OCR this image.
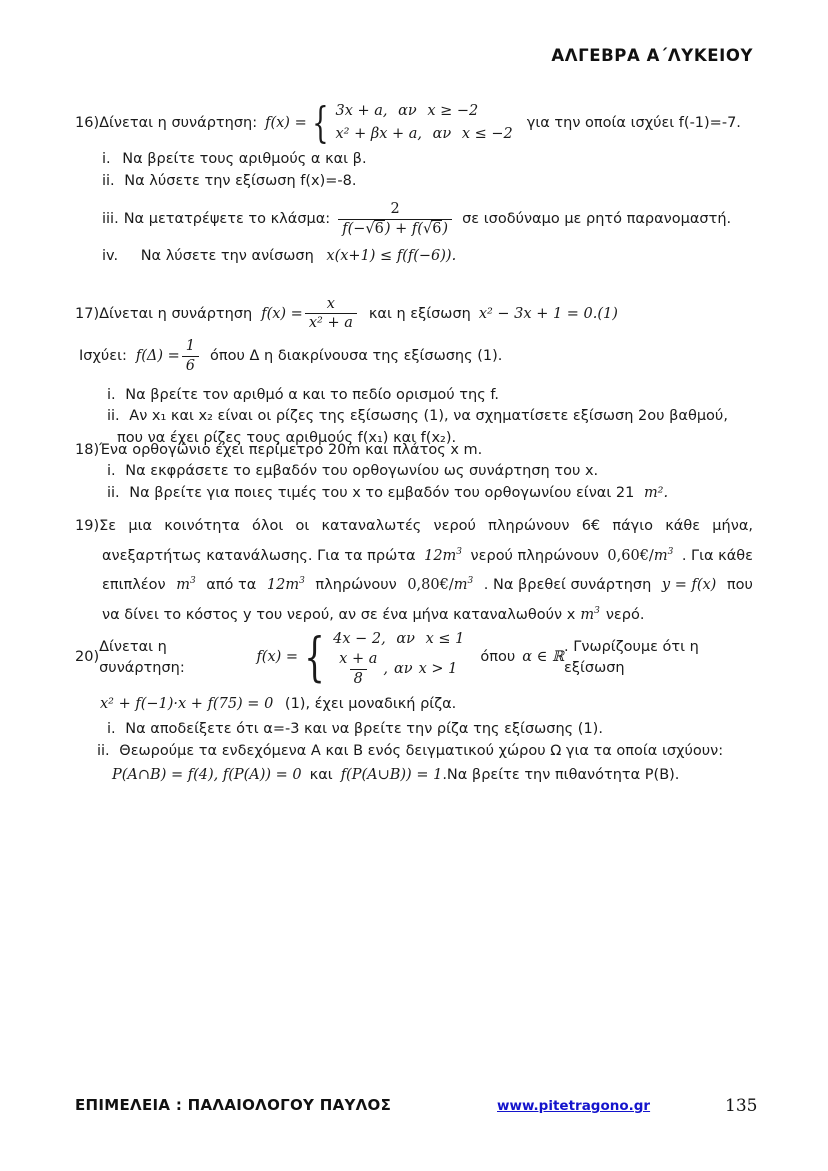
ΑΛΓΕΒΡΑ Α΄ΛΥΚΕΙΟΥ
16) Δίνεται η συνάρτηση: f(x) = { 3x + a, αν x ≥ −2
x² + βx + a, αν x ≤ −2
για την οποία ισχύει f(-1)=-7.
i. Να βρείτε τους αριθμούς α και β.
ii. Να λύσετε την εξίσωση f(x)=-8.
iii. Να μετατρέψετε το κλάσμα: $\frac{2}{f(-√6) + f(√6)}$ σε ισοδύναμο με ρητό παρανομαστή.
iv. Να λύσετε την ανίσωση x(x+1) ≤ f(f(−6)).
17) Δίνεται η συνάρτηση $f(x) = \frac{x}{\text{x² + a}}$ και η εξίσωση x² − 3x + 1 = 0.(1)
Ισχύει: $f(\Delta) = \frac{1}{6}$ όπου Δ η διακρίνουσα της εξίσωσης (1).
i. Να βρείτε τον αριθμό α και το πεδίο ορισμού της f.
ii. Αν x₁ και x₂ είναι οι ρίζες της εξίσωσης (1), να σχηματίσετε εξίσωση 2ου βαθμού,
που να έχει ρίζες τους αριθμούς f(x₁) και f(x₂).
18) Ένα ορθογώνιο έχει περίμετρο 20m και πλάτος x m.
i. Να εκφράσετε το εμβαδόν του ορθογωνίου ως συνάρτηση του x.
ii. Να βρείτε για ποιες τιμές του x το εμβαδόν του ορθογωνίου είναι 21 m².
19) Σε μια κοινότητα όλοι οι καταναλωτές νερού πληρώνουν 6€ πάγιο κάθε μήνα,
ανεξαρτήτως κατανάλωσης. Για τα πρώτα $12m^3$ νερού πληρώνουν $0,60€/m^3$ . Για κάθε
επιπλέον $m^3$ από τα $12m^3$ πληρώνουν $0,80€/m^3$ . Να βρεθεί συνάρτηση y = f(x) που
να δίνει το κόστος y του νερού, αν σε ένα μήνα καταναλωθούν x $m^3$ νερό.
20)
Δίνεται η συνάρτηση:
f(x) = { 4x − 2, αν x ≤ 1
$\frac{x + a}{8}$ , αν x > 1
όπου α ∈ ℝ
. Γνωρίζουμε ότι η εξίσωση
x² + f(−1)·x + f(75) = 0 (1), έχει μοναδική ρίζα.
i. Να αποδείξετε ότι α=-3 και να βρείτε την ρίζα της εξίσωσης (1).
ii. Θεωρούμε τα ενδεχόμενα Α και Β ενός δειγματικού χώρου Ω για τα οποία ισχύουν:
P(A∩B) = f(4) , f(P(A)) = 0 και f(P(A∪B)) = 1 .Να βρείτε την πιθανότητα P(Β).
ΕΠΙΜΕΛΕΙΑ : ΠΑΛΑΙΟΛΟΓΟΥ ΠΑΥΛΟΣ	www.pitetragono.gr	135
